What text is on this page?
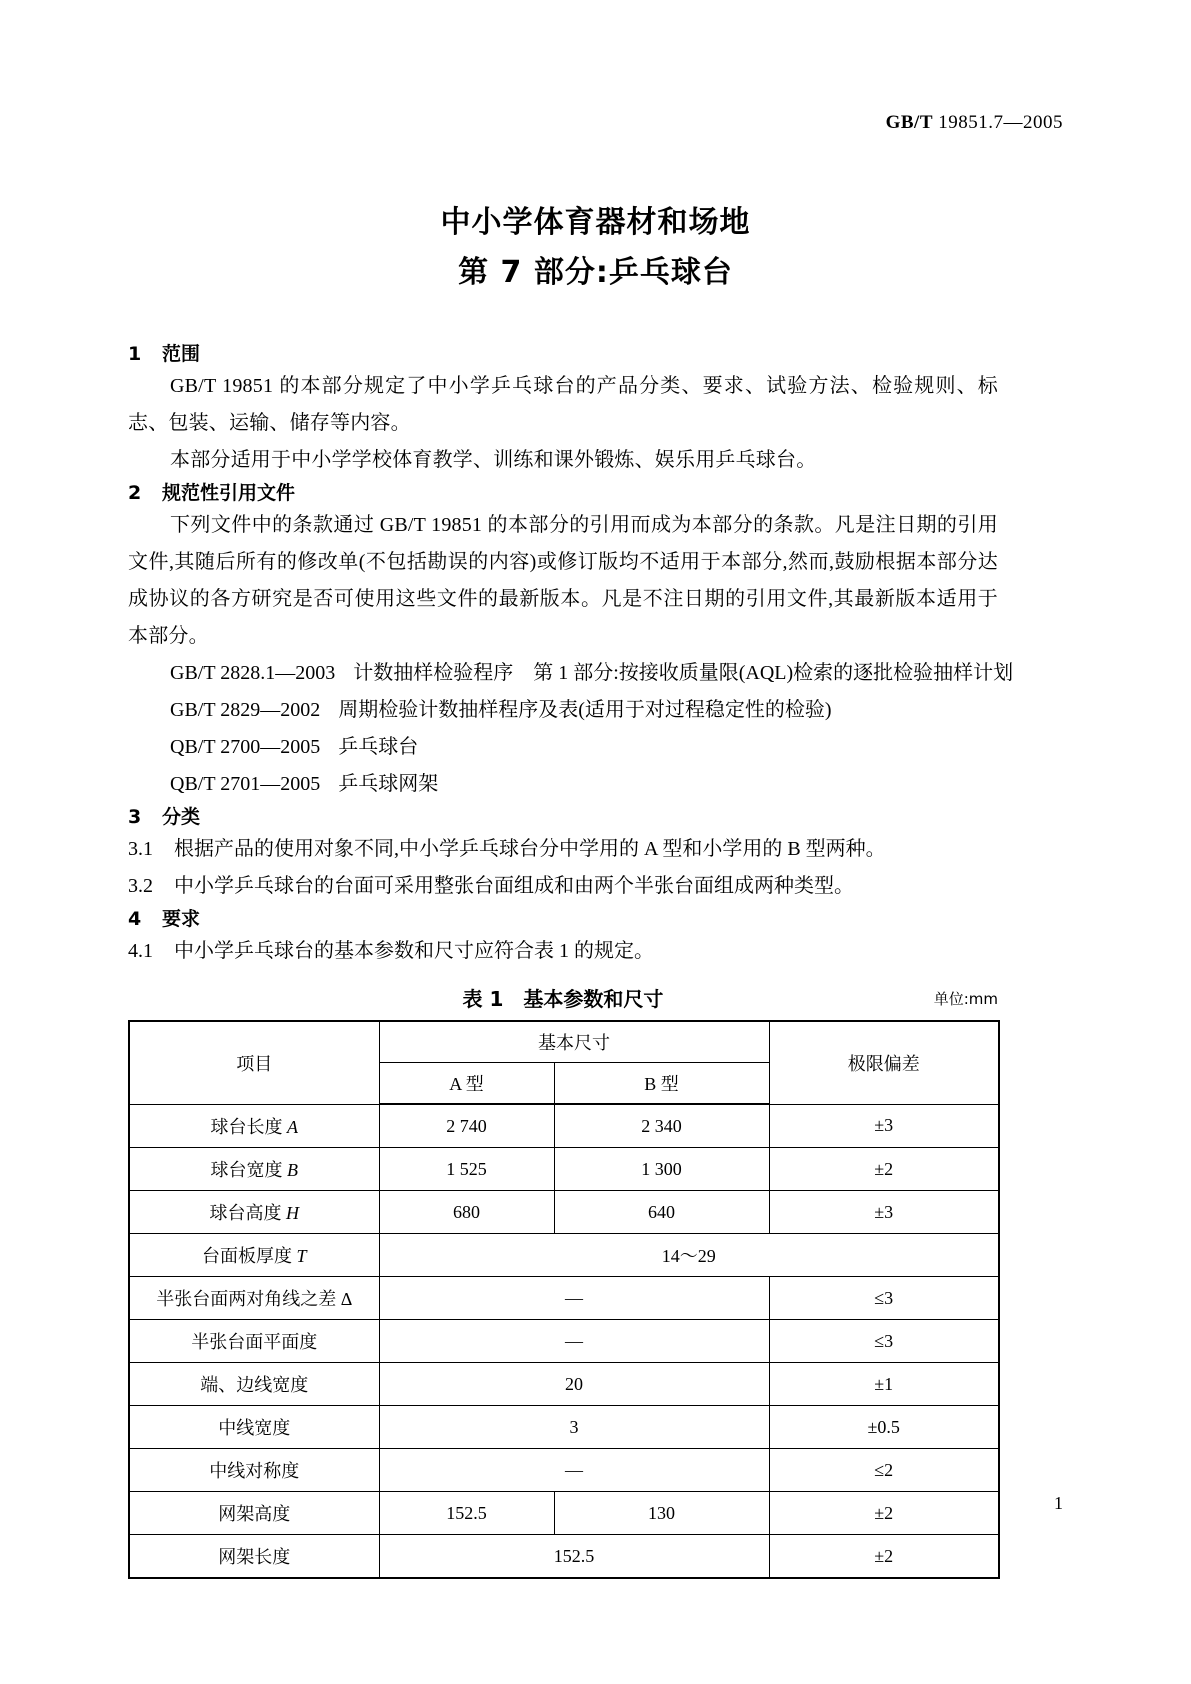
GB/T 19851.7—2005
中小学体育器材和场地
第 7 部分:乒乓球台
1 范围

GB/T 19851 的本部分规定了中小学乒乓球台的产品分类、要求、试验方法、检验规则、标志、包装、运输、储存等内容。

本部分适用于中小学学校体育教学、训练和课外锻炼、娱乐用乒乓球台。

2 规范性引用文件

下列文件中的条款通过 GB/T 19851 的本部分的引用而成为本部分的条款。凡是注日期的引用文件,其随后所有的修改单(不包括勘误的内容)或修订版均不适用于本部分,然而,鼓励根据本部分达成协议的各方研究是否可使用这些文件的最新版本。凡是不注日期的引用文件,其最新版本适用于本部分。

GB/T 2828.1—2003 计数抽样检验程序　第 1 部分:按接收质量限(AQL)检索的逐批检验抽样计划
GB/T 2829—2002 周期检验计数抽样程序及表(适用于对过程稳定性的检验)
QB/T 2700—2005 乒乓球台
QB/T 2701—2005 乒乓球网架
3 分类

3.1 根据产品的使用对象不同,中小学乒乓球台分中学用的 A 型和小学用的 B 型两种。

3.2 中小学乒乓球台的台面可采用整张台面组成和由两个半张台面组成两种类型。

4 要求

4.1 中小学乒乓球台的基本参数和尺寸应符合表 1 的规定。

表 1　基本参数和尺寸	单位:mm
项目	基本尺寸		极限偏差
	A 型	B 型	
球台长度 A	2 740	2 340	±3
球台宽度 B	1 525	1 300	±2
球台高度 H	680	640	±3
台面板厚度 T	14～29		
半张台面两对角线之差 Δ	—		≤3
半张台面平面度	—		≤3
端、边线宽度	20		±1
中线宽度	3		±0.5
中线对称度	—		≤2
网架高度	152.5	130	±2
网架长度	152.5		±2
1
